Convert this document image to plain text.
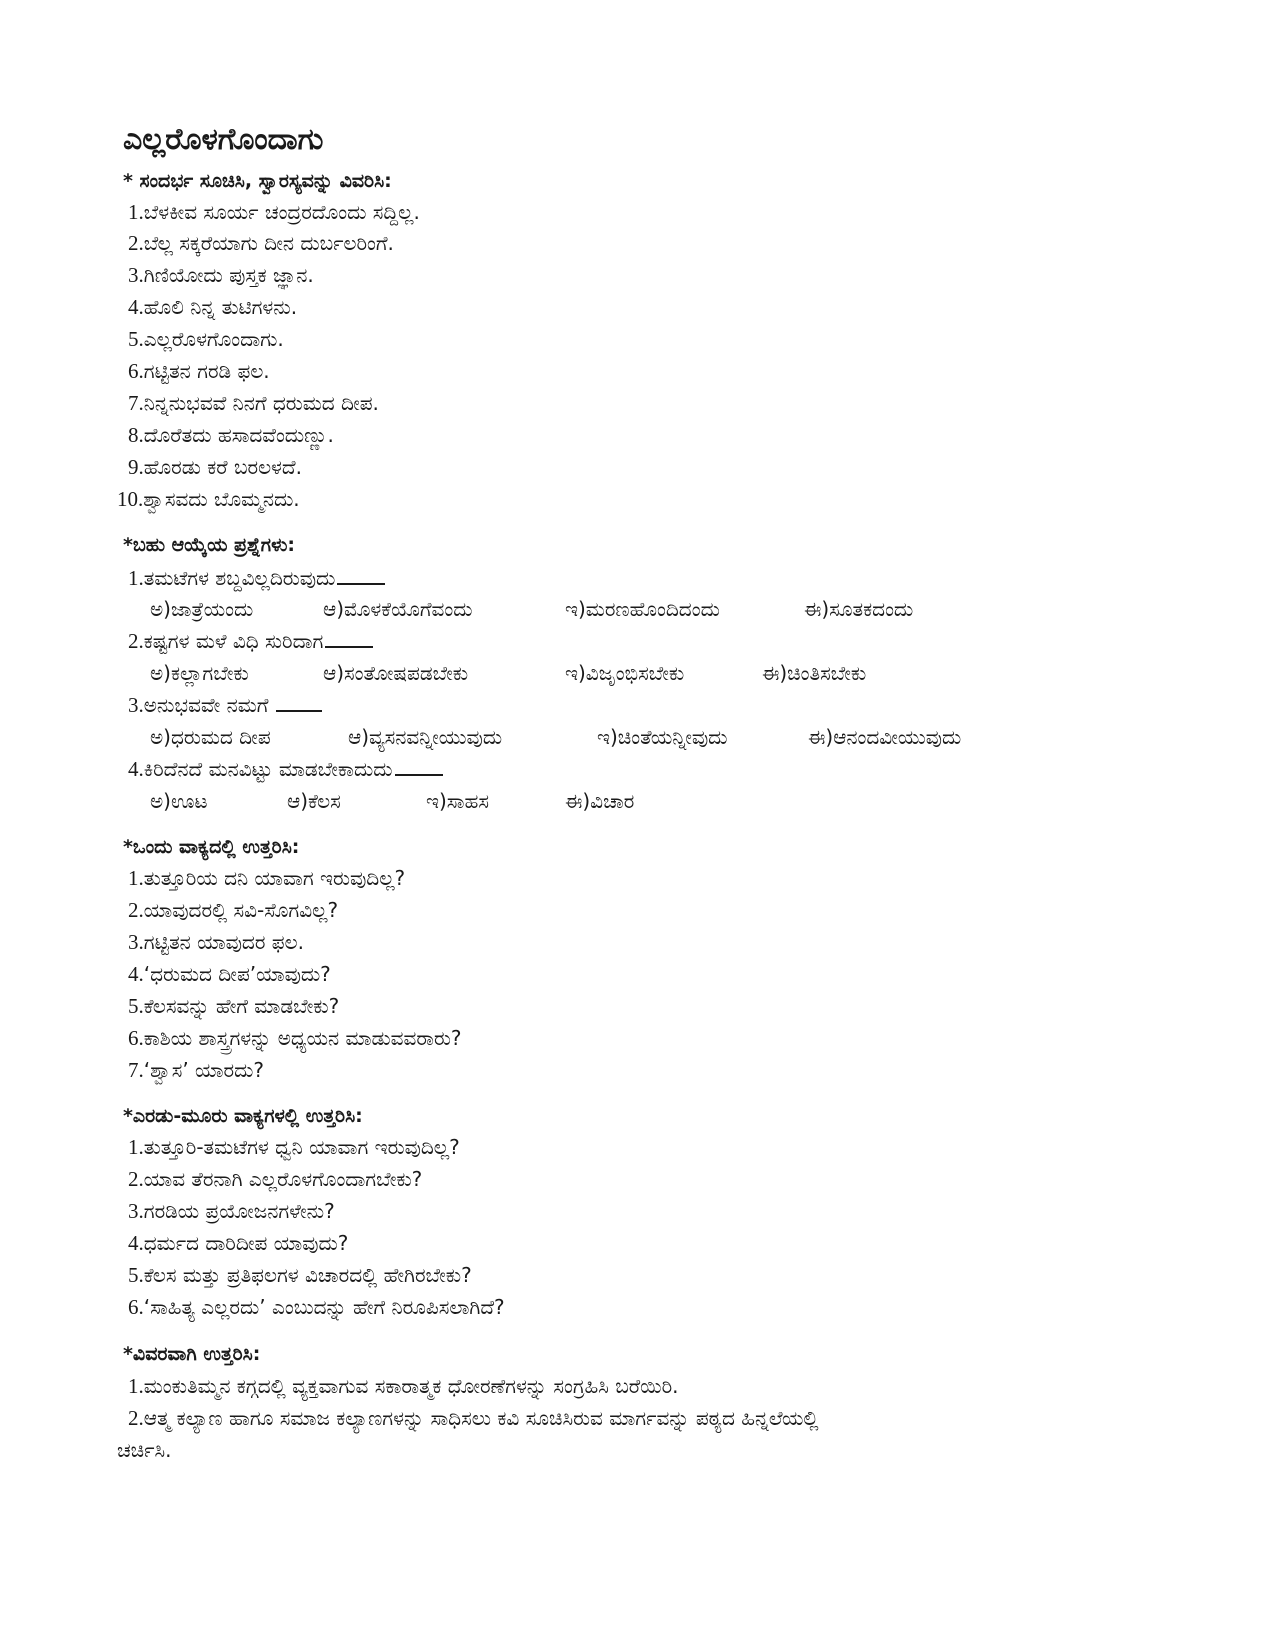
ಎಲ್ಲರೊಳಗೊಂದಾಗು
* ಸಂದರ್ಭ ಸೂಚಿಸಿ, ಸ್ವಾರಸ್ಯವನ್ನು ವಿವರಿಸಿ:
1.ಬೆಳಕೀವ ಸೂರ್ಯ ಚಂದ್ರರದೊಂದು ಸದ್ದಿಲ್ಲ.
2.ಬೆಲ್ಲ ಸಕ್ಕರೆಯಾಗು ದೀನ ದುರ್ಬಲರಿಂಗೆ.
3.ಗಿಣಿಯೋದು ಪುಸ್ತಕ ಜ್ಞಾನ.
4.ಹೊಲಿ ನಿನ್ನ ತುಟಿಗಳನು.
5.ಎಲ್ಲರೊಳಗೊಂದಾಗು.
6.ಗಟ್ಟಿತನ ಗರಡಿ ಫಲ.
7.ನಿನ್ನನುಭವವೆ ನಿನಗೆ ಧರುಮದ ದೀಪ.
8.ದೊರೆತದು ಹಸಾದವೆಂದುಣ್ಣು.
9.ಹೊರಡು ಕರೆ ಬರಲಳದೆ.
10.ಶ್ವಾಸವದು ಬೊಮ್ಮನದು.
*ಬಹು ಆಯ್ಕೆಯ ಪ್ರಶ್ನೆಗಳು:
1.ತಮಟೆಗಳ ಶಬ್ದವಿಲ್ಲದಿರುವುದು
ಅ)ಜಾತ್ರೆಯಂದು	ಆ)ಮೊಳಕೆಯೊಗೆವಂದು	ಇ)ಮರಣಹೊಂದಿದಂದು	ಈ)ಸೂತಕದಂದು
2.ಕಷ್ಟಗಳ ಮಳೆ ವಿಧಿ ಸುರಿದಾಗ
ಅ)ಕಲ್ಲಾಗಬೇಕು	ಆ)ಸಂತೋಷಪಡಬೇಕು	ಇ)ವಿಜೃಂಭಿಸಬೇಕು	ಈ)ಚಿಂತಿಸಬೇಕು
3.ಅನುಭವವೇ ನಮಗೆ
ಅ)ಧರುಮದ ದೀಪ	ಆ)ವ್ಯಸನವನ್ನೀಯುವುದು	ಇ)ಚಿಂತೆಯನ್ನೀವುದು	ಈ)ಆನಂದವೀಯುವುದು
4.ಕಿರಿದೆನದೆ ಮನವಿಟ್ಟು ಮಾಡಬೇಕಾದುದು
ಅ)ಊಟ	ಆ)ಕೆಲಸ	ಇ)ಸಾಹಸ	ಈ)ವಿಚಾರ
*ಒಂದು ವಾಕ್ಯದಲ್ಲಿ ಉತ್ತರಿಸಿ:
1.ತುತ್ತೂರಿಯ ದನಿ ಯಾವಾಗ ಇರುವುದಿಲ್ಲ?
2.ಯಾವುದರಲ್ಲಿ ಸವಿ-ಸೊಗವಿಲ್ಲ?
3.ಗಟ್ಟಿತನ ಯಾವುದರ ಫಲ.
4.‘ಧರುಮದ ದೀಪ’ಯಾವುದು?
5.ಕೆಲಸವನ್ನು ಹೇಗೆ ಮಾಡಬೇಕು?
6.ಕಾಶಿಯ ಶಾಸ್ತ್ರಗಳನ್ನು ಅಧ್ಯಯನ ಮಾಡುವವರಾರು?
7.‘ಶ್ವಾಸ’ ಯಾರದು?
*ಎರಡು-ಮೂರು ವಾಕ್ಯಗಳಲ್ಲಿ ಉತ್ತರಿಸಿ:
1.ತುತ್ತೂರಿ-ತಮಟೆಗಳ ಧ್ವನಿ ಯಾವಾಗ ಇರುವುದಿಲ್ಲ?
2.ಯಾವ ತೆರನಾಗಿ ಎಲ್ಲರೊಳಗೊಂದಾಗಬೇಕು?
3.ಗರಡಿಯ ಪ್ರಯೋಜನಗಳೇನು?
4.ಧರ್ಮದ ದಾರಿದೀಪ ಯಾವುದು?
5.ಕೆಲಸ ಮತ್ತು ಪ್ರತಿಫಲಗಳ ವಿಚಾರದಲ್ಲಿ ಹೇಗಿರಬೇಕು?
6.‘ಸಾಹಿತ್ಯ ಎಲ್ಲರದು’ ಎಂಬುದನ್ನು ಹೇಗೆ ನಿರೂಪಿಸಲಾಗಿದೆ?
*ವಿವರವಾಗಿ ಉತ್ತರಿಸಿ:
1.ಮಂಕುತಿಮ್ಮನ ಕಗ್ಗದಲ್ಲಿ ವ್ಯಕ್ತವಾಗುವ ಸಕಾರಾತ್ಮಕ ಧೋರಣೆಗಳನ್ನು ಸಂಗ್ರಹಿಸಿ ಬರೆಯಿರಿ.
2.ಆತ್ಮ ಕಲ್ಯಾಣ ಹಾಗೂ ಸಮಾಜ ಕಲ್ಯಾಣಗಳನ್ನು ಸಾಧಿಸಲು ಕವಿ ಸೂಚಿಸಿರುವ ಮಾರ್ಗವನ್ನು ಪಠ್ಯದ ಹಿನ್ನಲೆಯಲ್ಲಿ
ಚರ್ಚಿಸಿ.
